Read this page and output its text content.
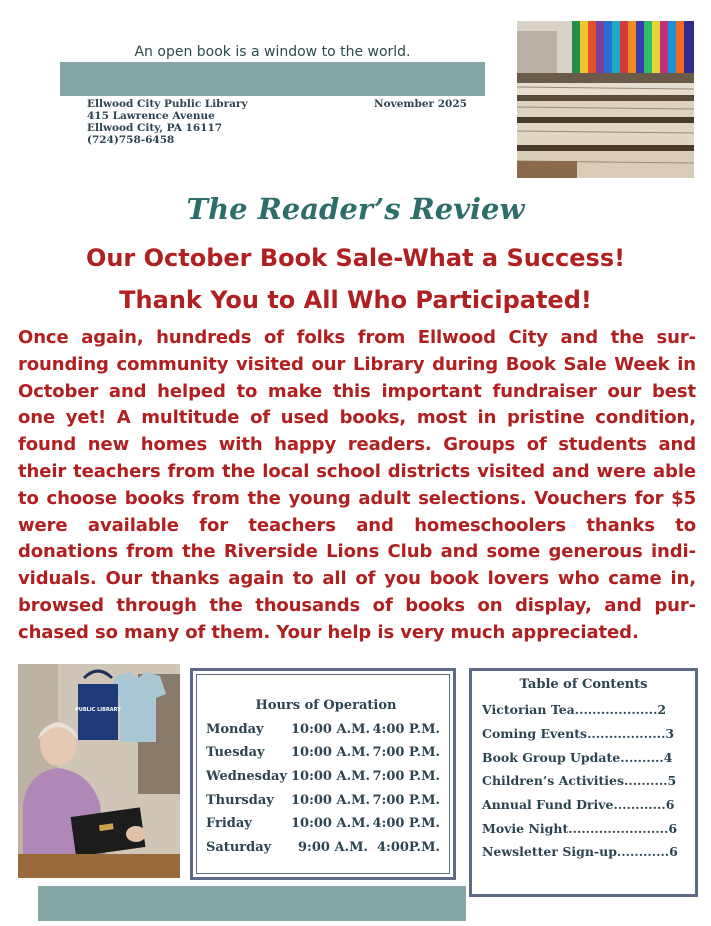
An open book is a window to the world.
Ellwood City Public Library
415 Lawrence Avenue
Ellwood City, PA 16117
(724)758-6458
November 2025
The Reader’s Review
Our October Book Sale-What a Success!
Thank You to All Who Participated!
Once again, hundreds of folks from Ellwood City and the sur-rounding community visited our Library during Book Sale Week in October and helped to make this important fundraiser our best one yet! A multitude of used books, most in pristine condition, found new homes with happy readers. Groups of students and their teachers from the local school districts visited and were able to choose books from the young adult selections. Vouchers for $5 were available for teachers and homeschoolers thanks to donations from the Riverside Lions Club and some generous indi-viduals. Our thanks again to all of you book lovers who came in, browsed through the thousands of books on display, and pur-chased so many of them. Your help is very much appreciated.
PUBLIC LIBRARY	Hours of Operation
Monday 10:00 A.M. 4:00 P.M.
Tuesday 10:00 A.M. 7:00 P.M.
Wednesday 10:00 A.M. 7:00 P.M.
Thursday 10:00 A.M. 7:00 P.M.
Friday	10:00 A.M. 4:00 P.M.
Saturday 9:00 A.M. 4:00P.M.
Table of Contents
Victorian Tea...................2
Coming Events..................3
Book Group Update..........4
Children’s Activities..........5
Annual Fund Drive............6
Movie Night.......................6
Newsletter Sign-up............6
